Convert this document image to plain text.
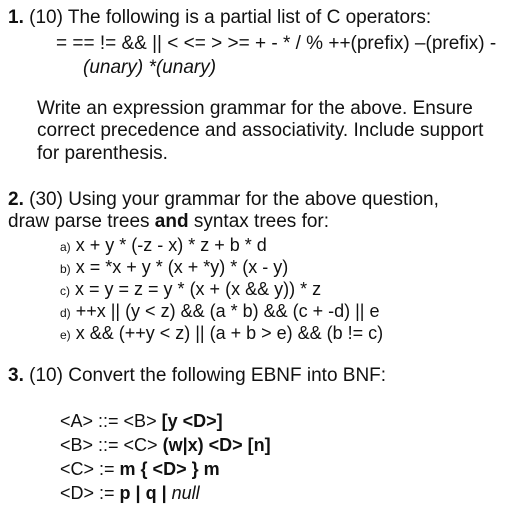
1. (10) The following is a partial list of C operators:
= == != && || < <= > >= + - * / % ++(prefix) –(prefix) -
(unary) *(unary)
Write an expression grammar for the above. Ensure
correct precedence and associativity. Include support
for parenthesis.
2. (30) Using your grammar for the above question,
draw parse trees and syntax trees for:
a) x + y * (-z - x) * z + b * d
b) x = *x + y * (x + *y) * (x - y)
c) x = y = z = y * (x + (x && y)) * z
d) ++x || (y < z) && (a * b) && (c + -d) || e
e) x && (++y < z) || (a + b > e) && (b != c)
3. (10) Convert the following EBNF into BNF:
<A> ::= <B> [y <D>]
<B> ::= <C> (w|x) <D> [n]
<C> := m { <D> } m
<D> := p | q | null
